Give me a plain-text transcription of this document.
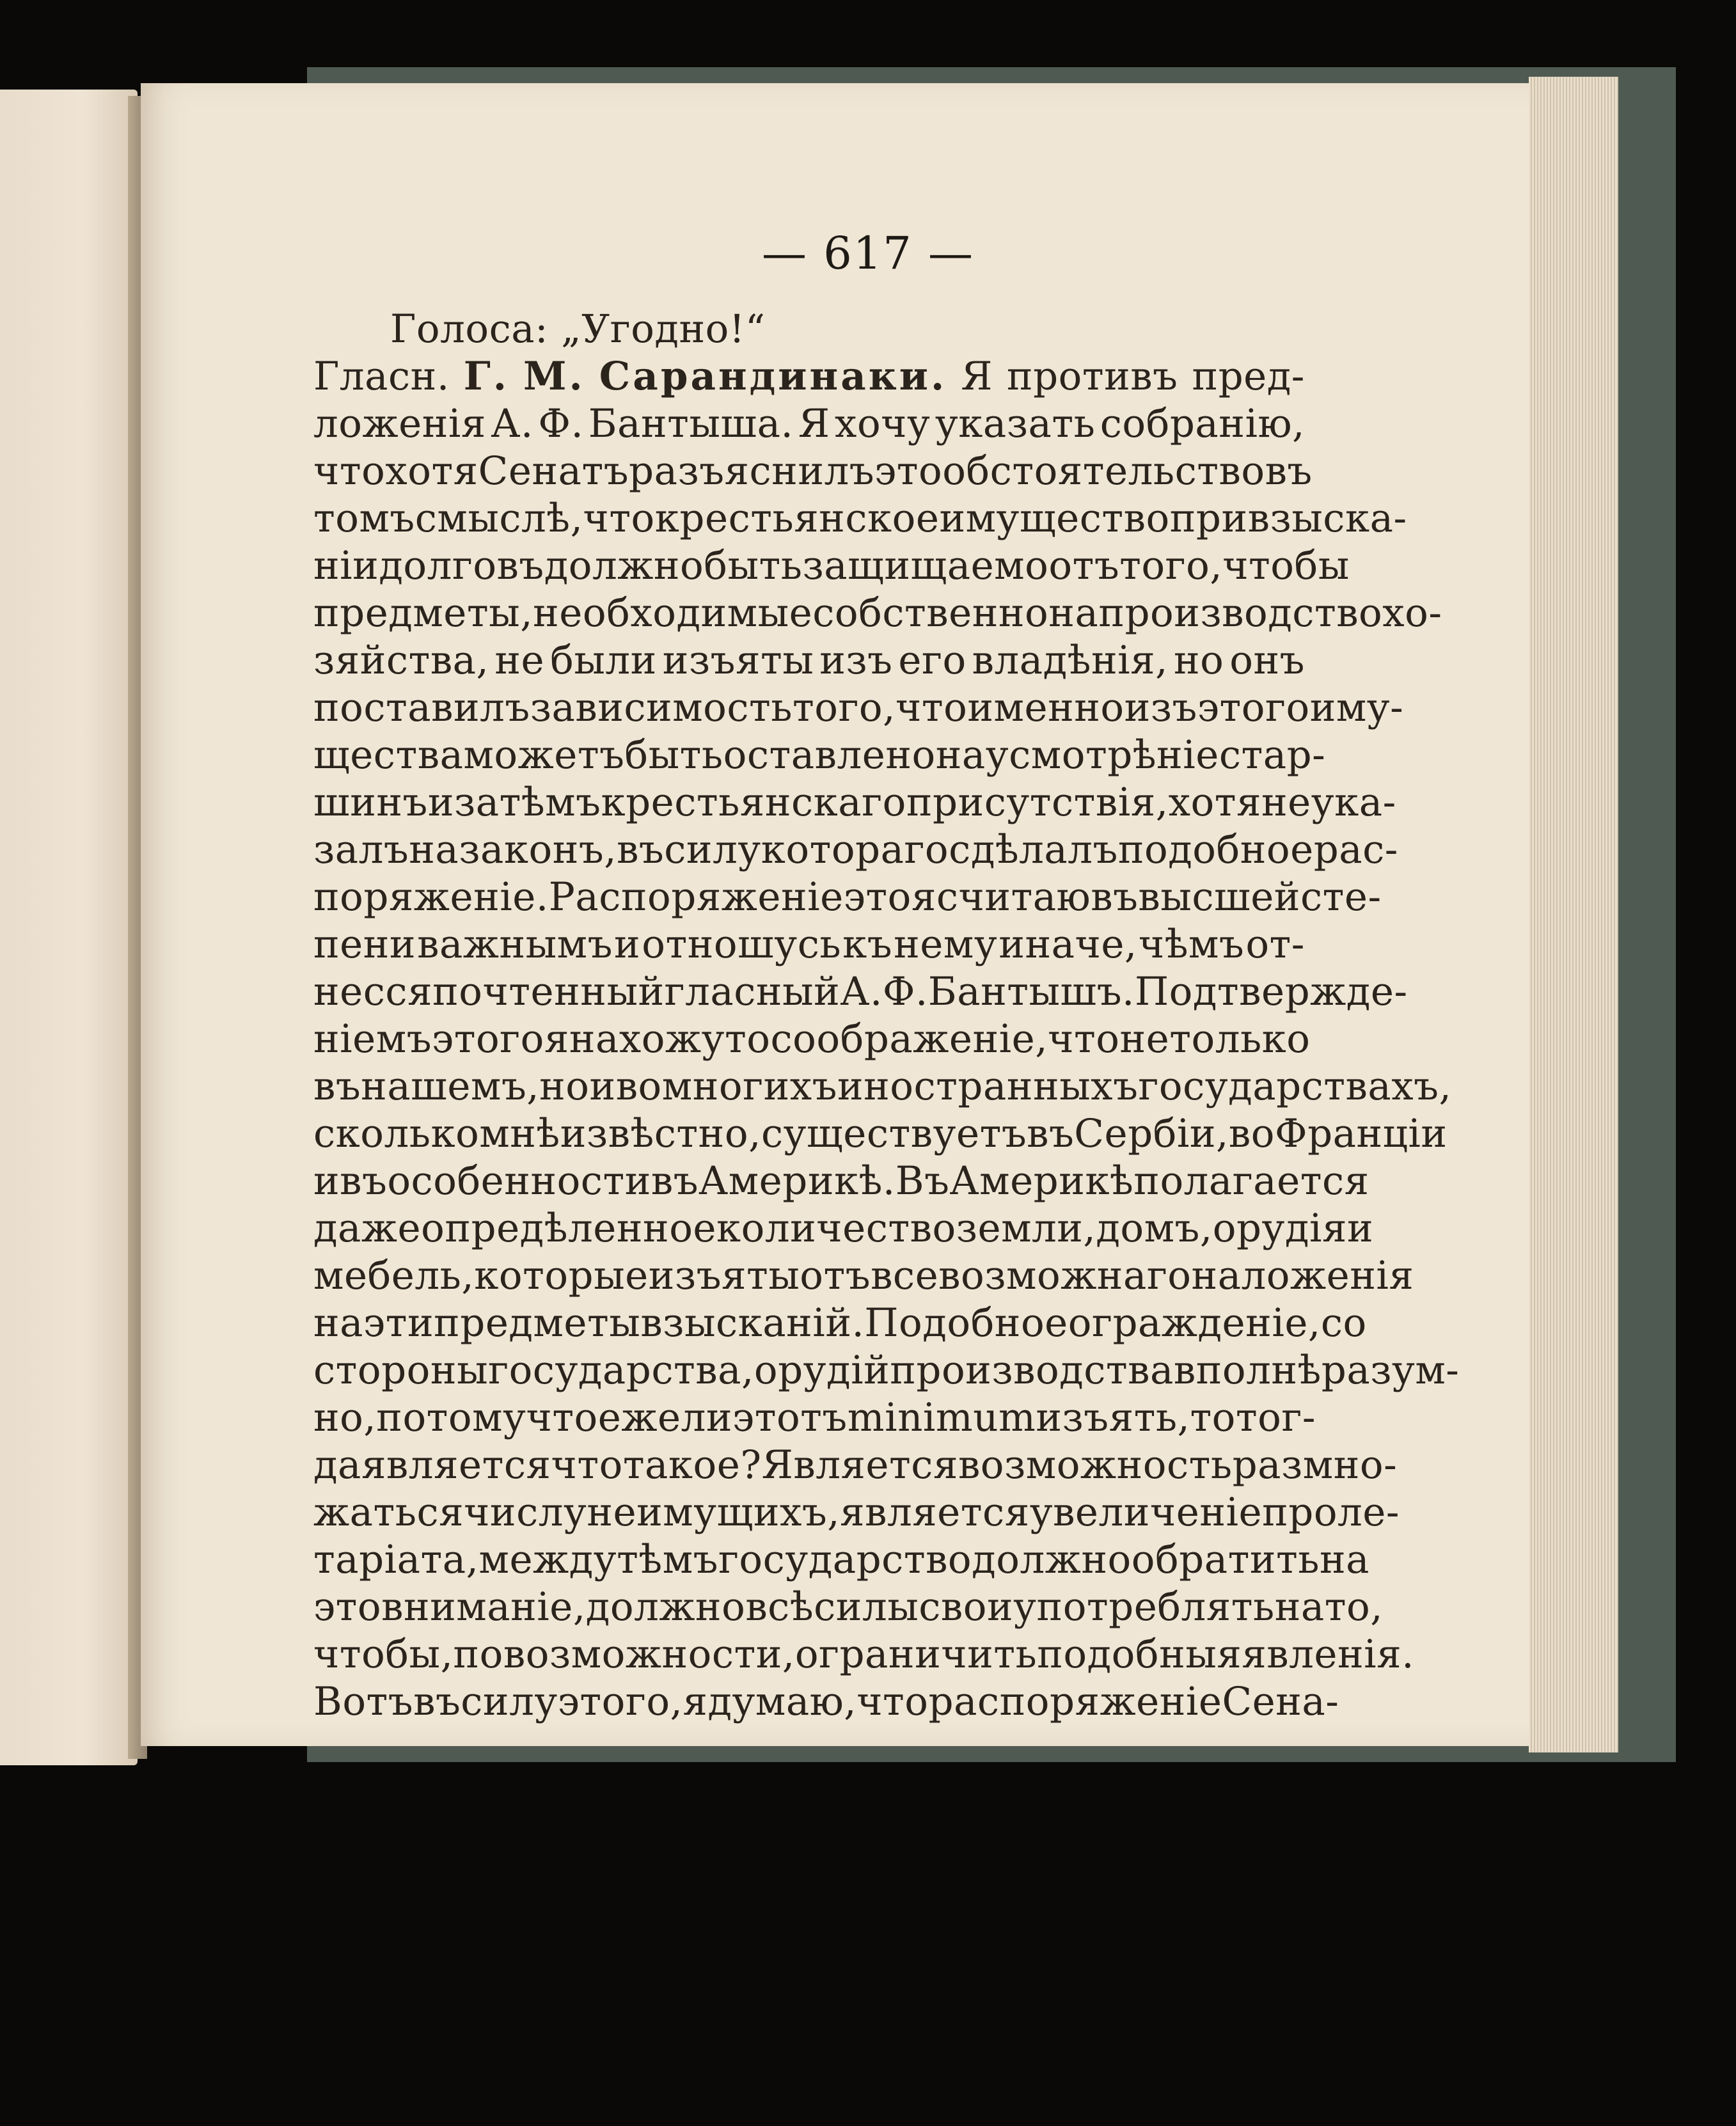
— 617 —
Голоса: „Угодно!“
Гласн. Г. М. Сарандинаки. Я противъ пред-
ложенія А. Ф. Бантыша. Я хочу указать собранію,
что хотя Сенатъ разъяснилъ это обстоятельство въ
томъ смыслѣ, что крестьянское имущество при взыска-
ніи долговъ должно быть защищаемо отъ того, чтобы
предметы, необходимые собственно на производство хо-
зяйства, не были изъяты изъ его владѣнія, но онъ
поставилъ зависимость того, что именно изъ этого иму-
щества можетъ быть оставлено на усмотрѣніе стар-
шинъ и затѣмъ крестьянскаго присутствія, хотя не ука-
залъ на законъ, въ силу котораго сдѣлалъ подобное рас-
поряженіе. Распоряженіе это я считаю въ высшей сте-
пени важнымъ и отношусь къ нему иначе, чѣмъ от-
несся почтенный гласный А. Ф. Бантышъ. Подтвержде-
ніемъ этого я нахожу то соображеніе, что не только
въ нашемъ, но и во многихъ иностранныхъ государствахъ,
сколько мнѣ извѣстно, существуетъ въ Сербіи, во Франціи
и въ особенности въ Америкѣ. Въ Америкѣ полагается
даже опредѣленное количество земли, домъ, орудія и
мебель, которые изъяты отъ всевозможнаго наложенія
на эти предметы взысканій. Подобное огражденіе, со
стороны государства, орудій производства вполнѣ разум-
но, потому что ежели этотъ minimum изъять, то тог-
да является что такое? Является возможность размно-
жаться числу неимущихъ, является увеличеніе проле-
таріата, между тѣмъ государство должно обратить на
это вниманіе, должно всѣ силы свои употреблять на то,
чтобы, по возможности, ограничить подобныя явленія.
Вотъ въ силу этого, я думаю, что распоряженіе Сена-
